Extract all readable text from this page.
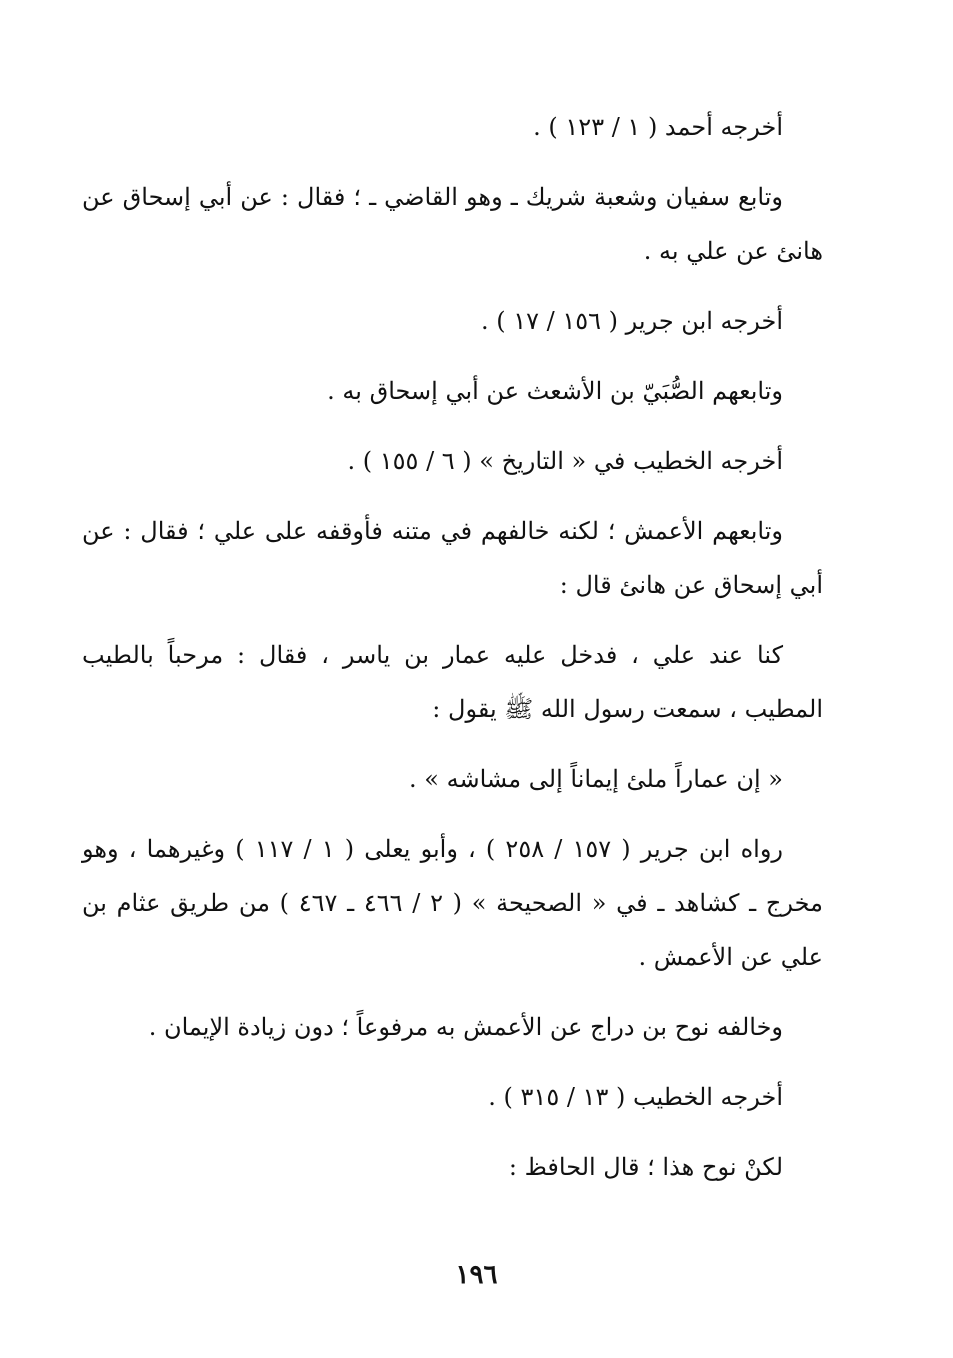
أخرجه أحمد ( ١ / ١٢٣ ) .

وتابع سفيان وشعبة شريك ـ وهو القاضي ـ ؛ فقال : عن أبي إسحاق عن هانئ عن علي به .

أخرجه ابن جرير ( ١٥٦ / ١٧ ) .

وتابعهم الصُّبَيّ بن الأشعث عن أبي إسحاق به .

أخرجه الخطيب في « التاريخ » ( ٦ / ١٥٥ ) .

وتابعهم الأعمش ؛ لكنه خالفهم في متنه فأوقفه على علي ؛ فقال : عن أبي إسحاق عن هانئ قال :

كنا عند علي ، فدخل عليه عمار بن ياسر ، فقال : مرحباً بالطيب المطيب ، سمعت رسول الله ﷺ يقول :

« إن عماراً ملئ إيماناً إلى مشاشه » .

رواه ابن جرير ( ١٥٧ / ٢٥٨ ) ، وأبو يعلى ( ١ / ١١٧ ) وغيرهما ، وهو مخرج ـ كشاهد ـ في « الصحيحة » ( ٢ / ٤٦٦ ـ ٤٦٧ ) من طريق عثام بن علي عن الأعمش .

وخالفه نوح بن دراج عن الأعمش به مرفوعاً ؛ دون زيادة الإيمان .

أخرجه الخطيب ( ١٣ / ٣١٥ ) .

لكنْ نوح هذا ؛ قال الحافظ :

١٩٦
